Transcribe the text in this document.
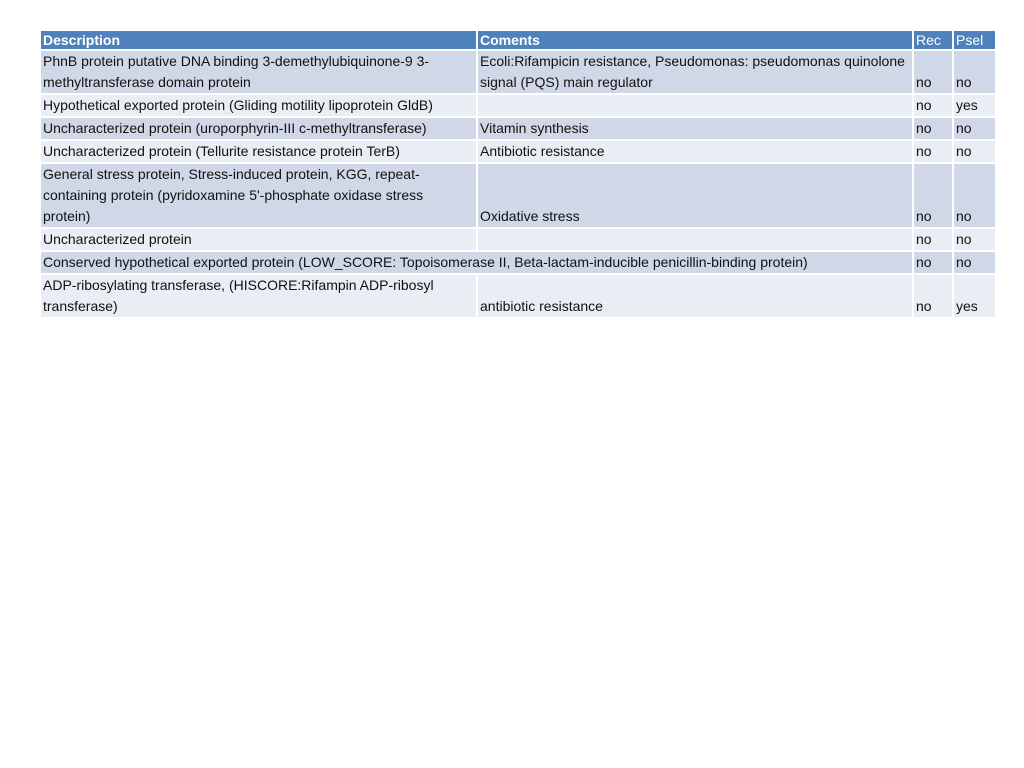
Description	Coments	Rec	Psel
PhnB protein putative DNA binding 3-demethylubiquinone-9 3-methyltransferase domain protein	Ecoli:Rifampicin resistance, Pseudomonas: pseudomonas quinolone signal (PQS) main regulator	no	no
Hypothetical exported protein (Gliding motility lipoprotein GldB)		no	yes
Uncharacterized protein (uroporphyrin-III c-methyltransferase)	Vitamin synthesis	no	no
Uncharacterized protein (Tellurite resistance protein TerB)	Antibiotic resistance	no	no
General stress protein, Stress-induced protein, KGG, repeat-containing protein (pyridoxamine 5'-phosphate oxidase stress protein)	Oxidative stress	no	no
Uncharacterized protein		no	no
Conserved hypothetical exported protein (LOW_SCORE: Topoisomerase II, Beta-lactam-inducible penicillin-binding protein)		no	no
ADP-ribosylating transferase, (HISCORE:Rifampin ADP-ribosyl transferase)	antibiotic resistance	no	yes
